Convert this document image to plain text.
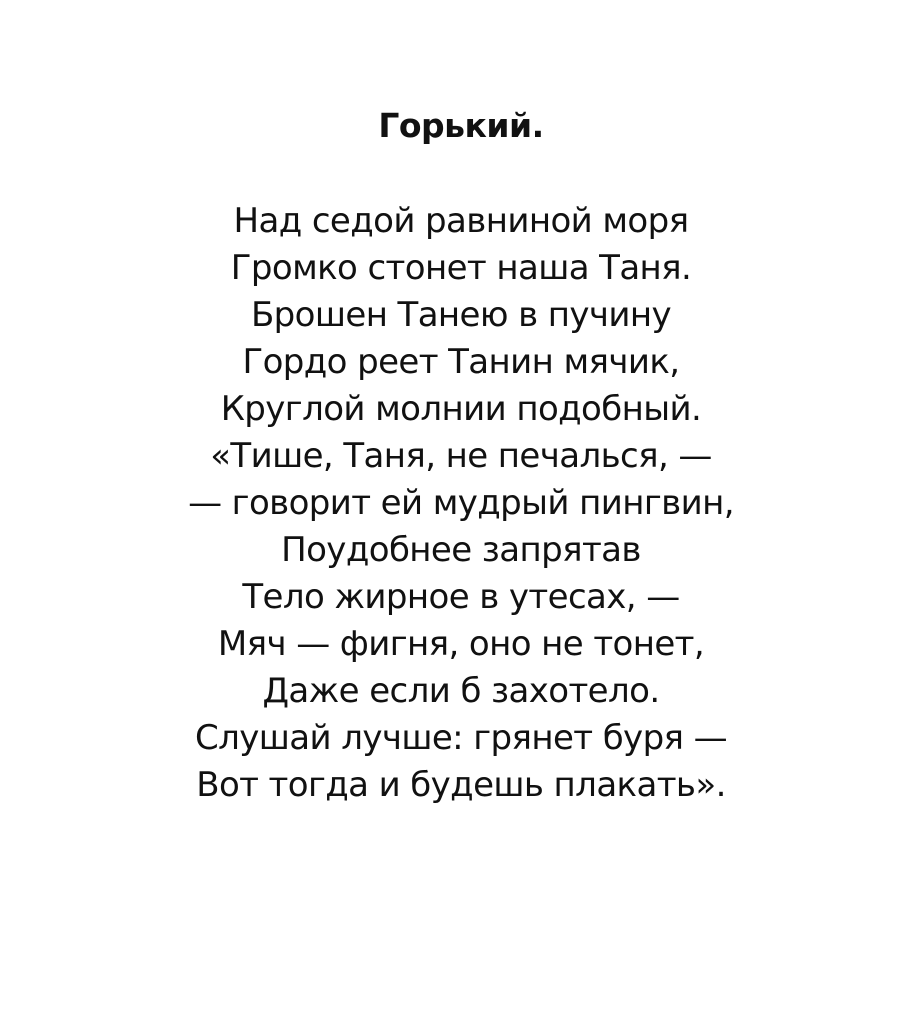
Горький.
Над седой равниной моря
Громко стонет наша Таня.
Брошен Танею в пучину
Гордо реет Танин мячик,
Круглой молнии подобный.
«Тише, Таня, не печалься, —
— говорит ей мудрый пингвин,
Поудобнее запрятав
Тело жирное в утесах, —
Мяч — фигня, оно не тонет,
Даже если б захотело.
Слушай лучше: грянет буря —
Вот тогда и будешь плакать».
